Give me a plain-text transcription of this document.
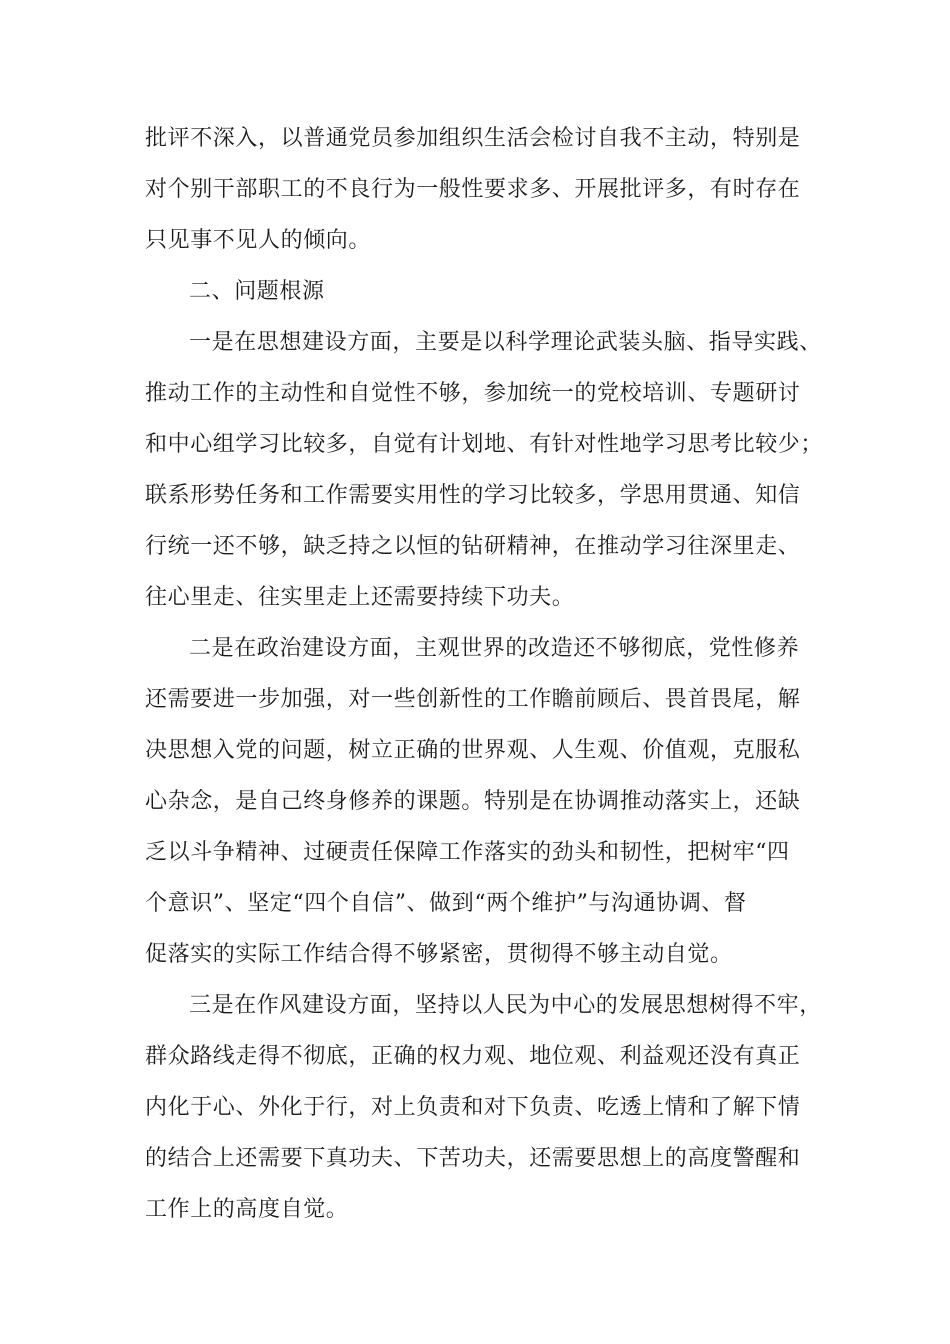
批评不深入，以普通党员参加组织生活会检讨自我不主动，特别是
对个别干部职工的不良行为一般性要求多、开展批评多，有时存在
只见事不见人的倾向。
二、问题根源
一是在思想建设方面，主要是以科学理论武装头脑、指导实践、
推动工作的主动性和自觉性不够，参加统一的党校培训、专题研讨
和中心组学习比较多，自觉有计划地、有针对性地学习思考比较少；
联系形势任务和工作需要实用性的学习比较多，学思用贯通、知信
行统一还不够，缺乏持之以恒的钻研精神，在推动学习往深里走、
往心里走、往实里走上还需要持续下功夫。
二是在政治建设方面，主观世界的改造还不够彻底，党性修养
还需要进一步加强，对一些创新性的工作瞻前顾后、畏首畏尾，解
决思想入党的问题，树立正确的世界观、人生观、价值观，克服私
心杂念，是自己终身修养的课题。特别是在协调推动落实上，还缺
乏以斗争精神、过硬责任保障工作落实的劲头和韧性，把树牢“四
个意识”、坚定“四个自信”、做到“两个维护”与沟通协调、督
促落实的实际工作结合得不够紧密，贯彻得不够主动自觉。
三是在作风建设方面，坚持以人民为中心的发展思想树得不牢，
群众路线走得不彻底，正确的权力观、地位观、利益观还没有真正
内化于心、外化于行，对上负责和对下负责、吃透上情和了解下情
的结合上还需要下真功夫、下苦功夫，还需要思想上的高度警醒和
工作上的高度自觉。
